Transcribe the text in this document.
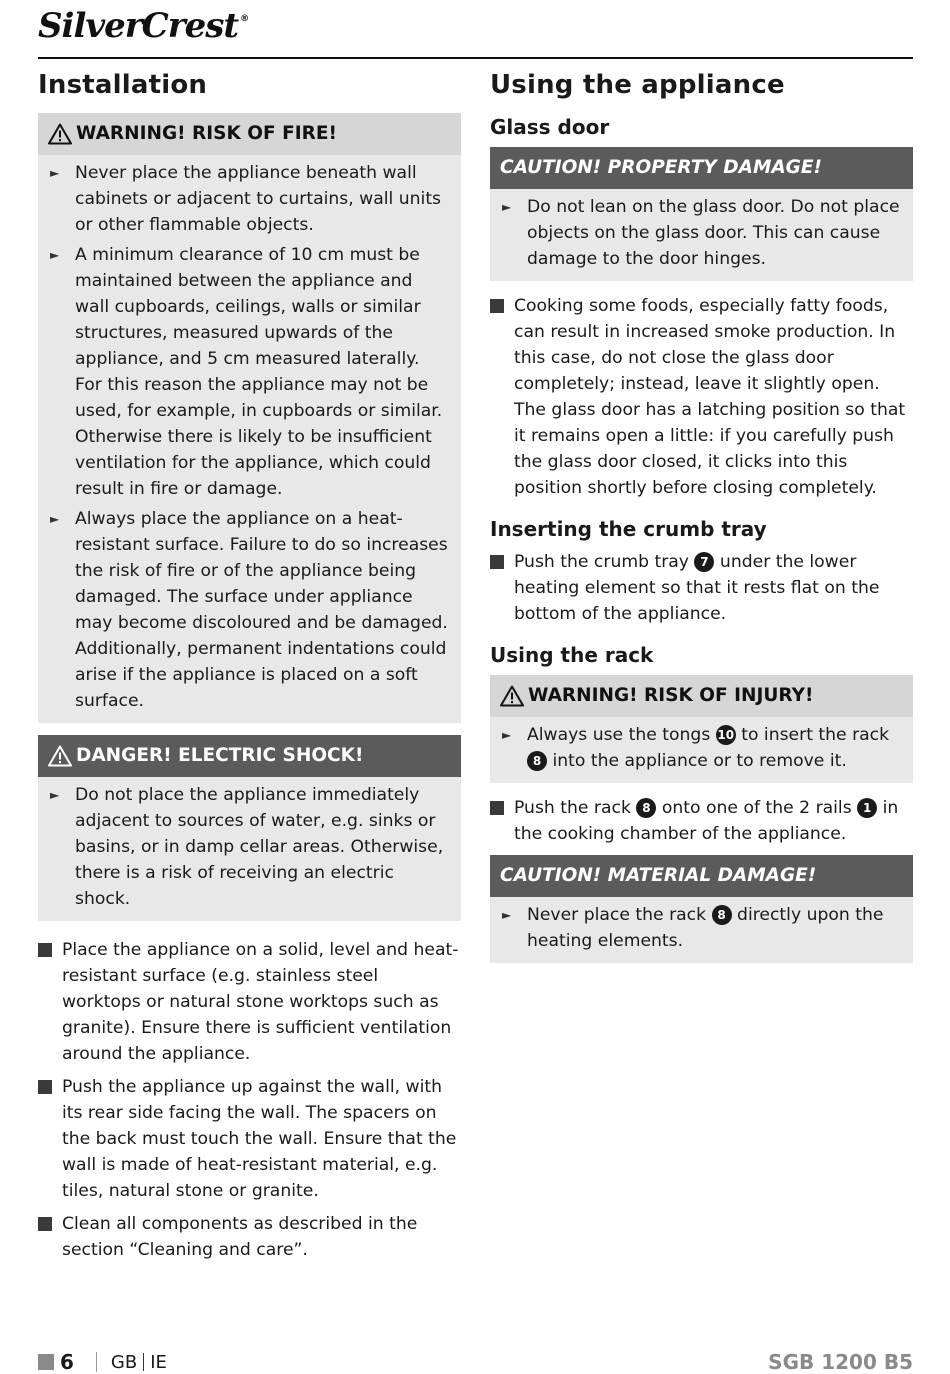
SilverCrest ®
Installation
WARNING! RISK OF FIRE!
► Never place the appliance beneath wall cabinets or adjacent to curtains, wall units or other flammable objects.
► A minimum clearance of 10 cm must be maintained between the appliance and wall cupboards, ceilings, walls or similar structures, measured upwards of the appliance, and 5 cm measured laterally. For this reason the appliance may not be used, for example, in cupboards or similar. Otherwise there is likely to be insufficient ventilation for the appliance, which could result in fire or damage.
► Always place the appliance on a heat-resistant surface. Failure to do so increases the risk of fire or of the appliance being damaged. The surface under appliance may become discoloured and be damaged. Additionally, permanent indentations could arise if the appliance is placed on a soft surface.
DANGER! ELECTRIC SHOCK!
► Do not place the appliance immediately adjacent to sources of water, e.g. sinks or basins, or in damp cellar areas. Otherwise, there is a risk of receiving an electric shock.
Place the appliance on a solid, level and heat-resistant surface (e.g. stainless steel worktops or natural stone worktops such as granite). Ensure there is sufficient ventilation around the appliance.
Push the appliance up against the wall, with its rear side facing the wall. The spacers on the back must touch the wall. Ensure that the wall is made of heat-resistant material, e.g. tiles, natural stone or granite.
Clean all components as described in the section “Cleaning and care”.
Using the appliance
Glass door
CAUTION! PROPERTY DAMAGE!
► Do not lean on the glass door. Do not place objects on the glass door. This can cause damage to the door hinges.
Cooking some foods, especially fatty foods, can result in increased smoke production. In this case, do not close the glass door completely; instead, leave it slightly open.
The glass door has a latching position so that it remains open a little: if you carefully push the glass door closed, it clicks into this position shortly before closing completely.
Inserting the crumb tray
Push the crumb tray 7 under the lower heating element so that it rests flat on the bottom of the appliance.
Using the rack
WARNING! RISK OF INJURY!
► Always use the tongs 10 to insert the rack 8 into the appliance or to remove it.
Push the rack 8 onto one of the 2 rails 1 in the cooking chamber of the appliance.
CAUTION! MATERIAL DAMAGE!
► Never place the rack 8 directly upon the heating elements.
6 GB IE	SGB 1200 B5
